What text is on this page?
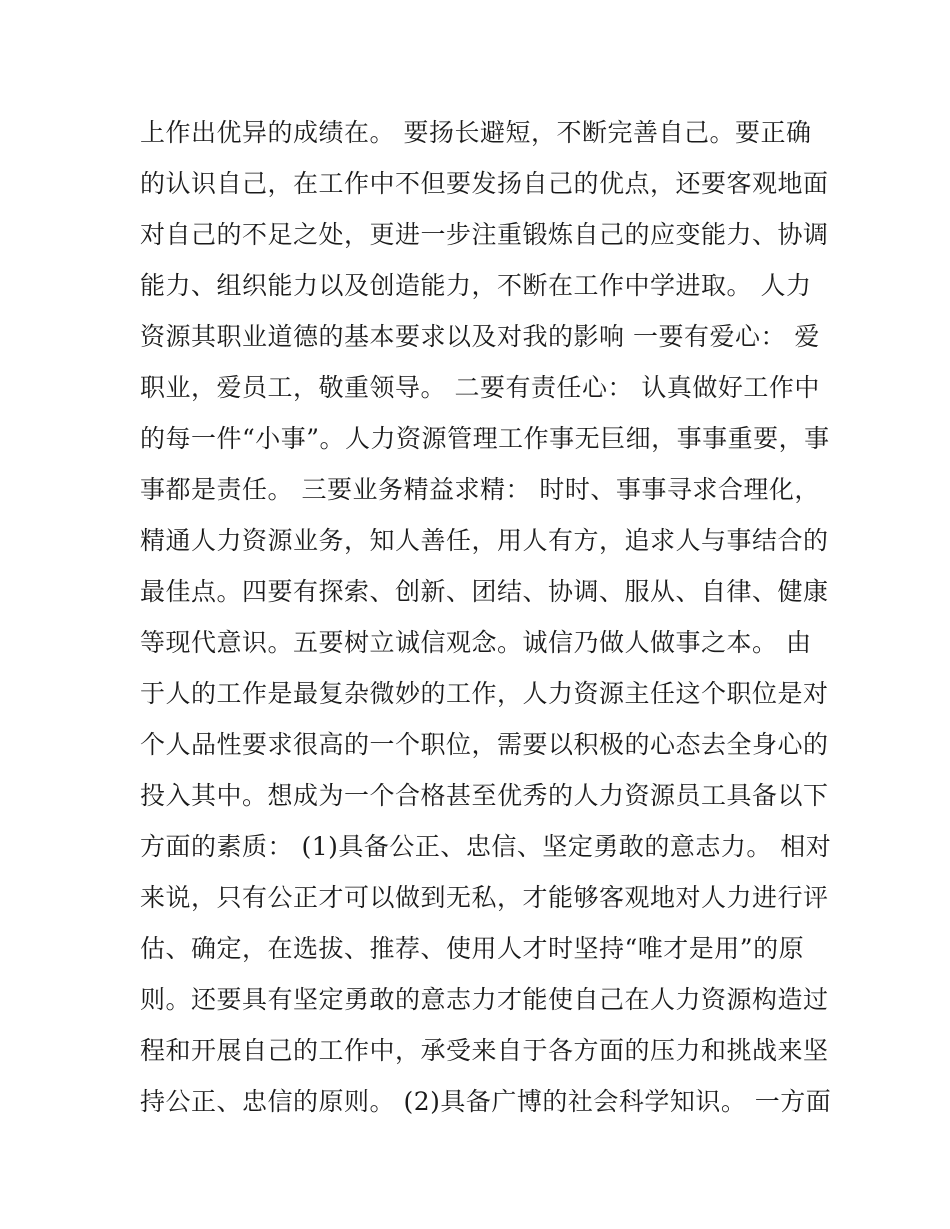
上作出优异的成绩在。 要扬长避短，不断完善自己。要正确
的认识自己，在工作中不但要发扬自己的优点，还要客观地面
对自己的不足之处，更进一步注重锻炼自己的应变能力、协调
能力、组织能力以及创造能力，不断在工作中学进取。 人力
资源其职业道德的基本要求以及对我的影响 一要有爱心： 爱
职业，爱员工，敬重领导。 二要有责任心： 认真做好工作中
的每一件“小事”。人力资源管理工作事无巨细，事事重要，事
事都是责任。 三要业务精益求精： 时时、事事寻求合理化，
精通人力资源业务，知人善任，用人有方，追求人与事结合的
最佳点。四要有探索、创新、团结、协调、服从、自律、健康
等现代意识。五要树立诚信观念。诚信乃做人做事之本。 由
于人的工作是最复杂微妙的工作，人力资源主任这个职位是对
个人品性要求很高的一个职位，需要以积极的心态去全身心的
投入其中。想成为一个合格甚至优秀的人力资源员工具备以下
方面的素质： (1)具备公正、忠信、坚定勇敢的意志力。 相对
来说，只有公正才可以做到无私，才能够客观地对人力进行评
估、确定，在选拔、推荐、使用人才时坚持“唯才是用”的原
则。还要具有坚定勇敢的意志力才能使自己在人力资源构造过
程和开展自己的工作中，承受来自于各方面的压力和挑战来坚
持公正、忠信的原则。 (2)具备广博的社会科学知识。 一方面
